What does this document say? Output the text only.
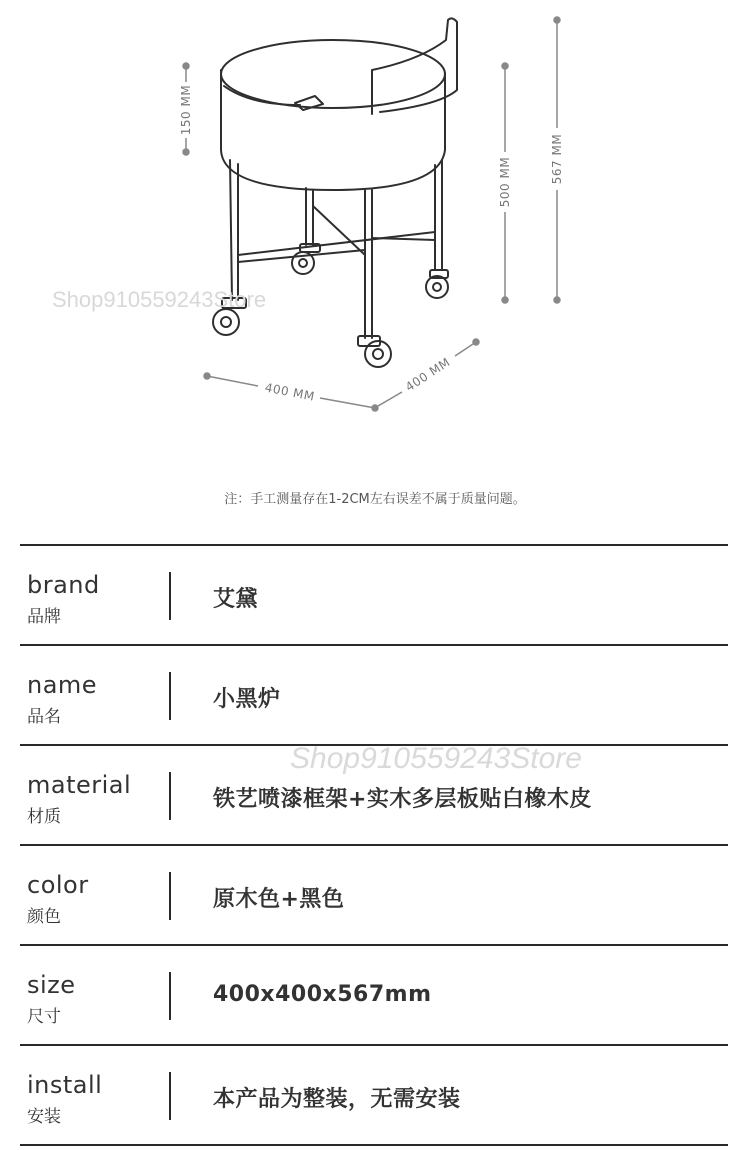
150 MM
500 MM	567 MM
400 MM	400 MM
Shop910559243Store
注：手工测量存在1-2CM左右误差不属于质量问题。
brand
品牌
艾黛
name
品名
小黑炉
material
材质
铁艺喷漆框架+实木多层板贴白橡木皮
color
颜色
原木色+黑色
size
尺寸
400x400x567mm
install
安装
本产品为整装，无需安装
Shop910559243Store
